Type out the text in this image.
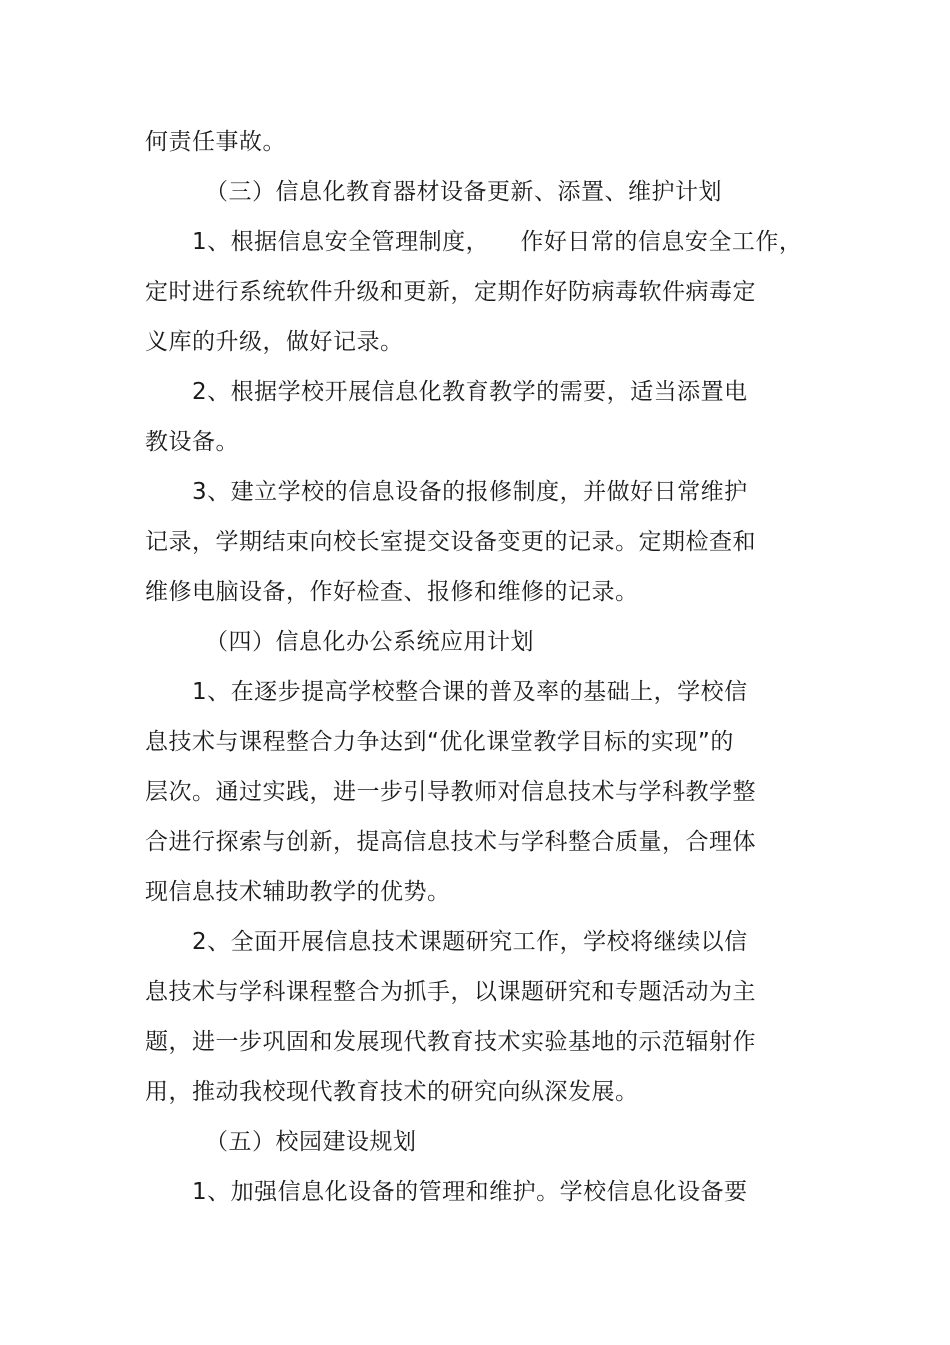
何责任事故。
（三）信息化教育器材设备更新、添置、维护计划
1、根据信息安全管理制度，    作好日常的信息安全工作，
定时进行系统软件升级和更新，定期作好防病毒软件病毒定
义库的升级，做好记录。
2、根据学校开展信息化教育教学的需要，适当添置电
教设备。
3、建立学校的信息设备的报修制度，并做好日常维护
记录，学期结束向校长室提交设备变更的记录。定期检查和
维修电脑设备，作好检查、报修和维修的记录。
（四）信息化办公系统应用计划
1、在逐步提高学校整合课的普及率的基础上，学校信
息技术与课程整合力争达到“优化课堂教学目标的实现”的
层次。通过实践，进一步引导教师对信息技术与学科教学整
合进行探索与创新，提高信息技术与学科整合质量，合理体
现信息技术辅助教学的优势。
2、全面开展信息技术课题研究工作，学校将继续以信
息技术与学科课程整合为抓手，以课题研究和专题活动为主
题，进一步巩固和发展现代教育技术实验基地的示范辐射作
用，推动我校现代教育技术的研究向纵深发展。
（五）校园建设规划
1、加强信息化设备的管理和维护。学校信息化设备要
